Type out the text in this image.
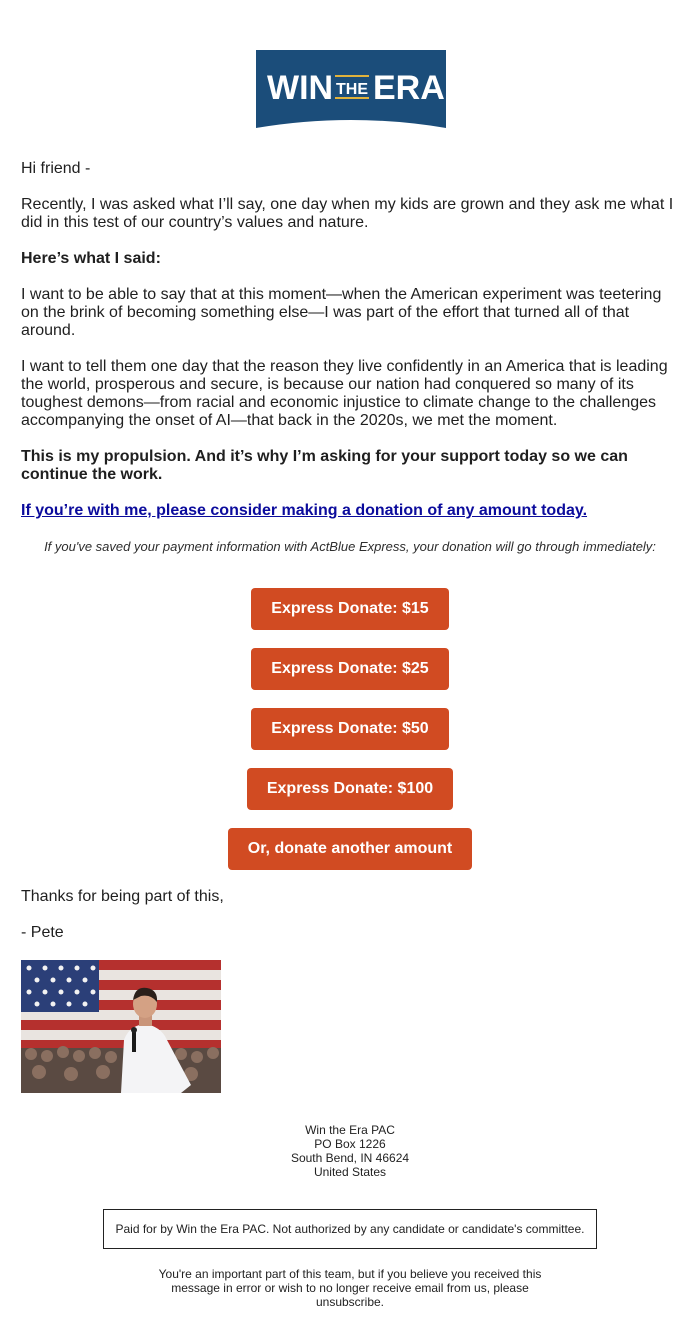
WIN THE ERA
Hi friend -
Recently, I was asked what I’ll say, one day when my kids are grown and they ask me what I did in this test of our country’s values and nature.
Here’s what I said:
I want to be able to say that at this moment—when the American experiment was teetering on the brink of becoming something else—I was part of the effort that turned all of that around.
I want to tell them one day that the reason they live confidently in an America that is leading the world, prosperous and secure, is because our nation had conquered so many of its toughest demons—from racial and economic injustice to climate change to the challenges accompanying the onset of AI—that back in the 2020s, we met the moment.
This is my propulsion. And it’s why I’m asking for your support today so we can continue the work.
If you’re with me, please consider making a donation of any amount today.
If you've saved your payment information with ActBlue Express, your donation will go through immediately:
Express Donate: $15
Express Donate: $25
Express Donate: $50
Express Donate: $100
Or, donate another amount
Thanks for being part of this,
- Pete
Win the Era PAC
PO Box 1226
South Bend, IN 46624
United States
Paid for by Win the Era PAC. Not authorized by any candidate or candidate's committee.
You're an important part of this team, but if you believe you received this message in error or wish to no longer receive email from us, please unsubscribe.
